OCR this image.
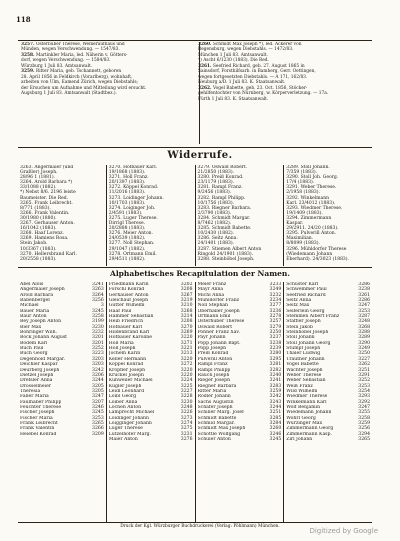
118
3257. Osterbuber Therese, Wemeraufhaus und
Münden, wegen Verschwendung. — 1547/83.
3258. Martinkler Maria, led. Näherin v. Götters-
dorf, wegen Verschwendung. — 1584/83.
Würzburg 1 Juli 83. Amtsanwalt.
3259. Ritter Maria, geb. Tschannett, geboren
28. April 1856 in Feldkirch (Vorarlberg), wohnhaft,
arbeiten von Ulm, Eamend Zürich, wegen Diebstahls;
der Ersuchen um Aufnahme und Mitteilung wird ersucht.
Augsburg 1 Juli 83. Amtsanwalt (Stadtbez.).
3260. Schmidt Max Joseph *), led. Ackerer von
Regensburg, wegen Diebstahls. — 1472/83.
München 1 Juli 83. Amtsanwalt.
*) Ascht 6/1230 (1883). Die Red.
3261. Seefried Richard, geb. 27. August 1865 in
Sainsdorf, Forsthilfsarb. in Bamberg, Gerr. Oettingen,
wegen fortgesetzten Diebstahls. — A 171, 162/83.
Neuburg a/D. 1 Juli 83. K. Staatsanwalt.
3262. Vogel Babette, geb. 23. Oct. 1856, Stöcker-
gehilfentochter von Nürnberg, w. Körperverletzung. — 17a.
Fürth 1 Juli 83. K. Staatsanwalt.
Widerrufe.
3263. Angermaier (und
Graßler) Joseph.
28/96 1 (1881).
3264. Arold Barbara *)
33/1088 (1882).
*) Nebst 8/6. 2196 leiste
Baumeister. Die Red.
3265. Frank Leibrecht.
8/771 (1883).
3266. Frank Valentin.
30/1980 (1880).
3267. Gerhauser Anton.
16/1042 (1883).
3268. Haaf Lorenz.
3269. Hamiens Rosa.
Stein Jakob.
10/3367 (1883).
3270. Hellersbrand Karl.
20/2558 (1883).
3270. Hofbauer Karl.
19/1868 (1883).
3271. Holl Franz.
20/1397 (1883).
3272. Köppel Konrad.
11/2016 (1883).
3273. Loidinger Johann.
10/1703 (1883).
3274. Loiginger Joh.
2/4591 (1883).
3275. Luger Therese.
Dirrigl Therese.
20/2888 (1883).
3276. Meier Anton.
24/0539 (1882).
3277. Noll Stephan.
29/1047 (1882).
3278. Ortmann Emil.
29/4511 (1882).
3279. Oswald Robert.
21/2850 (1883).
3280. Preiß Konrad.
23/1179 (1883).
3281. Rampl Franz.
9/2456 (1883).
3282. Rampl Philipp.
10/1756 (1883).
3283. Riegner Barbara.
2/3790 (1883).
3284. Schmidt Margar.
8/7462 (1882).
3285. Schmidt Babette.
10/2430 (1882).
3286. Seitz Anna.
24/1401 (1883).
3287. Stiemen Albert Anton
Ringold 24/1901 (1883).
3288. Steinhöbel Joseph.
3289. Stoll Johann.
7/359 (1883).
3290. Stoll Joh. Georg.
17/4 (1883).
3291. Weber Therese.
2/1958 (1883).
3292. Winkelmann
Karl. 23/4012 (1883).
3293. Wiedmer Therese.
19/1409 (1883).
3294. Zimmermann
Kaspar.
29/2911. 24/20 (1883).
3295. Pulverill Anton.
Maximilian.
8/8099 (1883).
3296. Mühldorfer Therese
(Wiedemann Johann
Eberhard). 24/3023 (1883).
Alphabetisches Recapitulation der Namen.
Abel Alois	3241
Angermaier Joseph	3263
Arold Barbara	3264
Babenberger	3256
Michael	3
Bauer Maria	3245
Baur Anton	3258
Bey Joseph Anton	3199
Bier Max	3230
Bohringer Wilh.	3232
Böck Johann August	3201
Bodem Karl	3201
Buch Paul	3252
Buch Georg	3223
Degenhold Margar.	3203
Deichler Kaspar	3203
Deurberg Joseph	3242
Dietzel Joseph	3206
Drefsler Anna	3244
Drosselmeier	3205
Theresia	3205
Faller Maria	3247
Faulhaber Philipp	3207
Feuchter Therese	3246
Fischer Joseph	3245
Fischer Maria	3253
Frank Leibrecht	3265
Frank Valentin	3266
Heiebel Konrad	3209
Friedmann Karin	3202
Förschl Konrad	3208
Gerhauser Anton	3267
Gleichauf Joseph	3219
Gutter Wilhelm	3210
Haaf Paul	3268
Hammer Sebastian	3214
Heib Friedrich	3208
Hofbauer Karl	3270
Hildenbrand Karl	3269
Hofbauer Karoline	3220
Holl Maria	3271
Holl Joseph	3221
Jochem Karin	3213
Keller Hermann	3220
Köppel Konrad	3272
Kropfler Joseph	3220
Kruckel Joseph	3220
Kühweiler Michael	3224
Kugler Joseph	3225
Leidl Leonhard	3227
Loibl Georg	3228
Loiber Anna	3230
Lochen Anton	3248
Lamprecht Michael	3226
Loidinger Johann	3273
Loigginger Johann	3274
Luger Therese	3275
Lützelhöfer Marg.	3231
Maier Anton	3276
Meier Franz	3233
Mayr Anna	3249
Michl Anna	3232
Mühldorfer Franz	3234
Noll Stephan	3277
Oberhaller Joseph	3236
Ortmann Emil	3278
Osterhuber Therese	3257
Oswald Robert	3279
Pöhner Franz Xav.	3250
Payr Johann	3237
Popp Johann Bapt.	3238
Popp Joseph	3239
Preiß Konrad	3280
Pulverill Anton	3295
Rampl Franz	3281
Rampl Philipp	3282
Rauch Joseph	3240
Rieger Joseph	3241
Riegner Barbara	3283
Ritter Maria	3259
Rodler Johann	3242
Sachs Augustin	3243
Schäfer Joseph	3244
Schiller Marg. Josef	3251
Schmidt Babette	3285
Schmid Margar.	3284
Schmidt Max Joseph	3260
Schöttle Wolfgang	3246
Schuler Anton	3245
Schuster Karl	3286
Schwemmer Paul	3238
Seefried Richard	3261
Seitz Anna	3286
Seitz Max	3247
Seiferlein Georg	3253
Stemmen Albert Franz	3287
Staffler Joseph	3248
Stein Jakob	3268
Steinhöbel Joseph	3288
Stoll Johann	3289
Stoll Johann Georg	3290
Stumpf Joseph	3249
Thaler Ludwig	3250
Trautner Johann	3227
Vogel Babette	3262
Wachter Joseph	3251
Weber Therese	3291
Weber Sebastian	3252
Weiß Franz	3253
Wild Wilhelm	3254
Wiedmer Therese	3293
Winkelmann Karl	3292
Wolf Benjamin	3247
Wiedemann Johann	3255
Wöhrl Georg	3258
Wurzinger Max	3259
Zimmermann Georg	3256
Zimmermann Kasp.	3294
Zirl Johann	3265
Druck der Kgl. Würzburger Buchdruckerei (Verlag: Pöhlmann) München.
Digitized by Google
